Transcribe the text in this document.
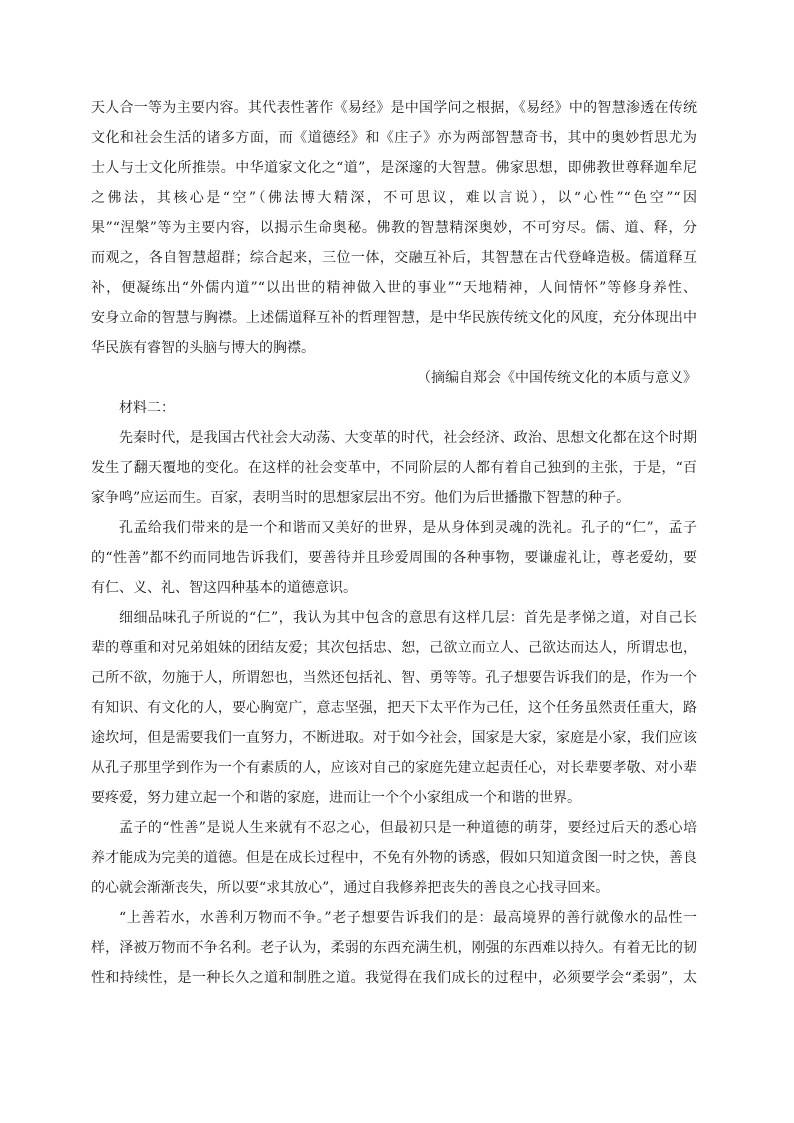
天人合一等为主要内容。其代表性著作《易经》是中国学问之根据，《易经》中的智慧渗透在传统
文化和社会生活的诸多方面，而《道德经》和《庄子》亦为两部智慧奇书，其中的奥妙哲思尤为
士人与士文化所推崇。中华道家文化之“道”，是深邃的大智慧。佛家思想，即佛教世尊释迦牟尼
之佛法，其核心是“空”（佛法博大精深，不可思议，难以言说），以“心性”“色空”“因
果”“涅槃”等为主要内容，以揭示生命奥秘。佛教的智慧精深奥妙，不可穷尽。儒、道、释，分
而观之，各自智慧超群；综合起来，三位一体，交融互补后，其智慧在古代登峰造极。儒道释互
补，便凝练出“外儒内道”“以出世的精神做入世的事业”“天地精神，人间情怀”等修身养性、
安身立命的智慧与胸襟。上述儒道释互补的哲理智慧，是中华民族传统文化的风度，充分体现出中
华民族有睿智的头脑与博大的胸襟。
（摘编自郑会《中国传统文化的本质与意义》
材料二：
先秦时代，是我国古代社会大动荡、大变革的时代，社会经济、政治、思想文化都在这个时期
发生了翻天覆地的变化。在这样的社会变革中，不同阶层的人都有着自己独到的主张，于是，“百
家争鸣”应运而生。百家，表明当时的思想家层出不穷。他们为后世播撒下智慧的种子。
孔孟给我们带来的是一个和谐而又美好的世界，是从身体到灵魂的洗礼。孔子的“仁”，孟子
的“性善”都不约而同地告诉我们，要善待并且珍爱周围的各种事物，要谦虚礼让，尊老爱幼，要
有仁、义、礼、智这四种基本的道德意识。
细细品味孔子所说的“仁”，我认为其中包含的意思有这样几层：首先是孝悌之道，对自己长
辈的尊重和对兄弟姐妹的团结友爱；其次包括忠、恕，己欲立而立人、己欲达而达人，所谓忠也，
己所不欲，勿施于人，所谓恕也，当然还包括礼、智、勇等等。孔子想要告诉我们的是，作为一个
有知识、有文化的人，要心胸宽广，意志坚强，把天下太平作为己任，这个任务虽然责任重大，路
途坎坷，但是需要我们一直努力，不断进取。对于如今社会，国家是大家，家庭是小家，我们应该
从孔子那里学到作为一个有素质的人，应该对自己的家庭先建立起责任心，对长辈要孝敬、对小辈
要疼爱，努力建立起一个和谐的家庭，进而让一个个小家组成一个和谐的世界。
孟子的“性善”是说人生来就有不忍之心，但最初只是一种道德的萌芽，要经过后天的悉心培
养才能成为完美的道德。但是在成长过程中，不免有外物的诱惑，假如只知道贪图一时之快，善良
的心就会渐渐丧失，所以要“求其放心”，通过自我修养把丧失的善良之心找寻回来。
“上善若水，水善利万物而不争。”老子想要告诉我们的是：最高境界的善行就像水的品性一
样，泽被万物而不争名利。老子认为，柔弱的东西充满生机，刚强的东西难以持久。有着无比的韧
性和持续性，是一种长久之道和制胜之道。我觉得在我们成长的过程中，必须要学会“柔弱”，太
